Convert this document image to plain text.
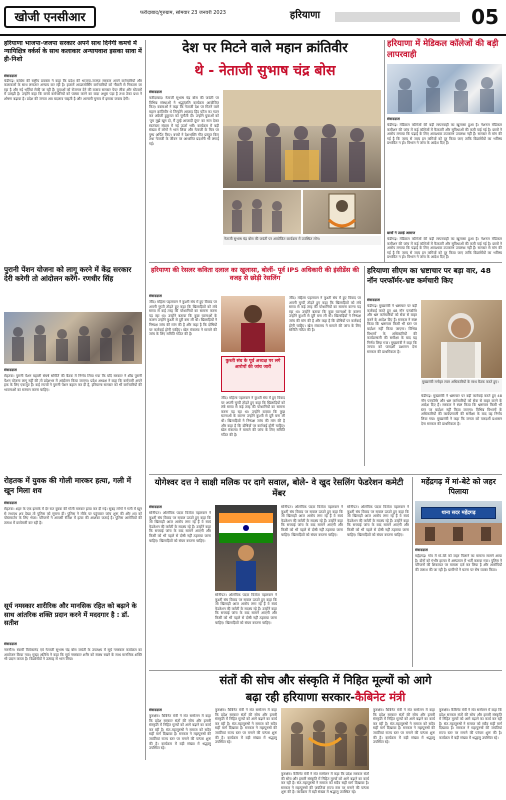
खोजी एनसीआर	फरीदाबाद/गुरुग्राम, सोमवार 23 जनवरी 2023	हरियाणा	05
हरियाणा भाजपा-जजपा सरकार अपने साथ दिनेंगी कमचे में न्यायिक्षित्र वर्कर्स के साथ कलाकार अन्यायवाश इसका सावा में ही-निशो
संवाददाता
चंडीगढ़। कांग्रेस की राष्ट्रीय प्रवक्ता ने कहा कि प्रदेश की भाजपा-जजपा सरकार अपने कर्मचारियों और कलाकारों के साथ लगातार अन्याय कर रही है। हजारों आउटसोर्सिंग कर्मचारियों को नौकरी से निकाला जा रहा है और नई भर्तियां रोकी जा रही हैं। युवाओं को रोजगार देने की बजाय सरकार पेपर लीक और घोटालों में उलझी है। उन्होंने कहा कि कच्चे कर्मचारियों को पक्का करने का वादा अधूरा पड़ा है तथा ठेका प्रथा ने शोषण बढ़ाया है। प्रदेश की जनता अब बदलाव चाहती है और आगामी चुनाव में इसका जवाब देगी।
पुरानी पेंशन योजना को लागू करने में केंद्र सरकार देरी करेगी तो आंदोलन करेंगे- रणधीर सिंह
संवाददाता
रोहतक। पुरानी पेंशन बहाली संघर्ष समिति की बैठक में निर्णय लिया गया कि यदि सरकार ने शीघ्र पुरानी पेंशन योजना लागू नहीं की तो प्रदेशभर में आंदोलन किया जाएगा। प्रदेश अध्यक्ष ने कहा कि कर्मचारी अपने हक के लिए एकजुट हैं। कई राज्यों ने पुरानी पेंशन बहाल कर दी है, हरियाणा सरकार को भी कर्मचारियों की भावनाओं का सम्मान करना चाहिए।
रोहतक में युवक की गोली मारकर हत्या, गली में खून मिला शव
संवाददाता
रोहतक। शहर के एक इलाके में देर रात युवक की गोली मारकर हत्या कर दी गई। सुबह लोगों ने गली में खून से लथपथ शव देखा तो पुलिस को सूचना दी। पुलिस ने मौके पर पहुंचकर जांच शुरू की और शव को पोस्टमार्टम के लिए भेजा। परिजनों ने आपसी रंजिश में हत्या की आशंका जताई है। पुलिस आरोपियों की तलाश में छापेमारी कर रही है।
सूर्य नमस्कार शारीरिक और मानसिक रहित को बढ़ाने के साथ आंतरिक शक्ति प्रदान करने में मददगार है : डॉ. सतीश
संवाददाता
नारनौल। स्वामी विवेकानंद एवं नेताजी सुभाष चंद्र बोस जयंती के उपलक्ष्य में सूर्य नमस्कार कार्यक्रम का आयोजन किया गया। मुख्य अतिथि ने कहा कि सूर्य नमस्कार शरीर को स्वस्थ रखने के साथ मानसिक शक्ति भी प्रदान करता है। विद्यार्थियों ने उत्साह से भाग लिया।
देश पर मिटने वाले महान क्रांतिवीर
थे - नेताजी सुभाष चंद्र बोस
संवाददाता
फरीदाबाद। नेताजी सुभाष चंद्र बोस की जयंती पर विभिन्न संस्थाओं ने श्रद्धांजलि कार्यक्रम आयोजित किए। वक्ताओं ने कहा कि नेताजी देश पर मिटने वाले महान क्रांतिवीर थे जिन्होंने आजाद हिंद फौज का गठन कर अंग्रेजी हुकूमत को चुनौती दी। उन्होंने युवाओं को 'तुम मुझे खून दो, मैं तुम्हें आजादी दूंगा' का नारा देकर स्वतंत्रता संग्राम में नई ऊर्जा भरी। कार्यक्रम में बड़ी संख्या में लोगों ने भाग लिया और नेताजी के चित्र पर पुष्प अर्पित किए। बच्चों ने देशभक्ति गीत प्रस्तुत किए तथा नेताजी के जीवन पर आधारित प्रदर्शनी भी लगाई गई।
नेताजी सुभाष चंद्र बोस की जयंती पर आयोजित कार्यक्रम में उपस्थित लोग।
हरियाणा में मेडिकल कॉलेजों की बड़ी लापरवाही
संवाददाता
चंडीगढ़। मेडिकल कॉलेजों की बड़ी लापरवाही का खुलासा हुआ है। नेशनल मेडिकल कमीशन की जांच में कई कॉलेजों में फैकल्टी और सुविधाओं की कमी पाई गई है। छात्रों ने आरोप लगाया कि पढ़ाई के लिए आवश्यक उपकरण उपलब्ध नहीं हैं। सरकार से मांग की गई है कि जल्द से जल्द इन कमियों को दूर किया जाए ताकि विद्यार्थियों का भविष्य प्रभावित न हो। विभाग ने जांच के आदेश दिए हैं।
छात्रों ने उठाई आवाज
चंडीगढ़। मेडिकल कॉलेजों की बड़ी लापरवाही का खुलासा हुआ है। नेशनल मेडिकल कमीशन की जांच में कई कॉलेजों में फैकल्टी और सुविधाओं की कमी पाई गई है। छात्रों ने आरोप लगाया कि पढ़ाई के लिए आवश्यक उपकरण उपलब्ध नहीं हैं। सरकार से मांग की गई है कि जल्द से जल्द इन कमियों को दूर किया जाए ताकि विद्यार्थियों का भविष्य प्रभावित न हो। विभाग ने जांच के आदेश दिए हैं।
हरियाणा की रेसलर कविता दलाल का खुलासा, बोलीं- पूर्व IPS अधिकारी की इंसीडेंस की वजह से छोड़ी रेसलिंग
संवाददाता
जींद। महिला पहलवान ने कुश्ती संघ में हुए विवाद पर अपनी चुप्पी तोड़ते हुए कहा कि खिलाड़ियों को लंबे समय से कई तरह की परेशानियों का सामना करना पड़ रहा था। उन्होंने बताया कि कुछ घटनाओं के कारण उन्होंने कुश्ती से दूरी बना ली थी। खिलाड़ियों ने निष्पक्ष जांच की मांग की है और कहा है कि दोषियों पर कार्रवाई होनी चाहिए। खेल मंत्रालय ने मामले की जांच के लिए समिति गठित की है।
कुश्ती संघ के पूर्व अध्यक्ष पर लगे आरोपों की जांच जारी
जींद। महिला पहलवान ने कुश्ती संघ में हुए विवाद पर अपनी चुप्पी तोड़ते हुए कहा कि खिलाड़ियों को लंबे समय से कई तरह की परेशानियों का सामना करना पड़ रहा था। उन्होंने बताया कि कुछ घटनाओं के कारण उन्होंने कुश्ती से दूरी बना ली थी। खिलाड़ियों ने निष्पक्ष जांच की मांग की है और कहा है कि दोषियों पर कार्रवाई होनी चाहिए। खेल मंत्रालय ने मामले की जांच के लिए समिति गठित की है।
जींद। महिला पहलवान ने कुश्ती संघ में हुए विवाद पर अपनी चुप्पी तोड़ते हुए कहा कि खिलाड़ियों को लंबे समय से कई तरह की परेशानियों का सामना करना पड़ रहा था। उन्होंने बताया कि कुछ घटनाओं के कारण उन्होंने कुश्ती से दूरी बना ली थी। खिलाड़ियों ने निष्पक्ष जांच की मांग की है और कहा है कि दोषियों पर कार्रवाई होनी चाहिए। खेल मंत्रालय ने मामले की जांच के लिए समिति गठित की है।
हरियाणा सीएम का भ्रष्टाचार पर बड़ा वार, 48 नॉन परफॉर्मर-भ्रष्ट कर्मचारी किए
संवाददाता
चंडीगढ़। मुख्यमंत्री ने भ्रष्टाचार पर बड़ी कार्रवाई करते हुए 48 नॉन परफॉर्मर और भ्रष्ट कर्मचारियों को सेवा से बाहर करने के आदेश दिए हैं। सरकार ने स्पष्ट किया कि भ्रष्टाचार किसी भी स्तर पर बर्दाश्त नहीं किया जाएगा। विभिन्न विभागों के अधिकारियों की कार्यप्रणाली की समीक्षा के बाद यह निर्णय लिया गया। मुख्यमंत्री ने कहा कि जनता को पारदर्शी प्रशासन देना सरकार की प्राथमिकता है।
मुख्यमंत्री मनोहर लाल अधिकारियों के साथ बैठक करते हुए।
चंडीगढ़। मुख्यमंत्री ने भ्रष्टाचार पर बड़ी कार्रवाई करते हुए 48 नॉन परफॉर्मर और भ्रष्ट कर्मचारियों को सेवा से बाहर करने के आदेश दिए हैं। सरकार ने स्पष्ट किया कि भ्रष्टाचार किसी भी स्तर पर बर्दाश्त नहीं किया जाएगा। विभिन्न विभागों के अधिकारियों की कार्यप्रणाली की समीक्षा के बाद यह निर्णय लिया गया। मुख्यमंत्री ने कहा कि जनता को पारदर्शी प्रशासन देना सरकार की प्राथमिकता है।
योगेश्वर दत्त ने साक्षी मलिक पर दागे सवाल, बोले- वे खुद रेसलिंग फेडरेशन कमेटी मेंबर
संवाददाता
सोनीपत। ओलंपिक पदक विजेता पहलवान ने कुश्ती संघ विवाद पर सवाल उठाते हुए कहा कि जो खिलाड़ी आज आरोप लगा रहे हैं वे स्वयं फेडरेशन की कमेटी के सदस्य रहे हैं। उन्होंने कहा कि सच्चाई जांच के बाद सामने आएगी और किसी को भी पहले से दोषी नहीं ठहराया जाना चाहिए। खिलाड़ियों को संयम बरतना चाहिए।
सोनीपत। ओलंपिक पदक विजेता पहलवान ने कुश्ती संघ विवाद पर सवाल उठाते हुए कहा कि जो खिलाड़ी आज आरोप लगा रहे हैं वे स्वयं फेडरेशन की कमेटी के सदस्य रहे हैं। उन्होंने कहा कि सच्चाई जांच के बाद सामने आएगी और किसी को भी पहले से दोषी नहीं ठहराया जाना चाहिए। खिलाड़ियों को संयम बरतना चाहिए।
सोनीपत। ओलंपिक पदक विजेता पहलवान ने कुश्ती संघ विवाद पर सवाल उठाते हुए कहा कि जो खिलाड़ी आज आरोप लगा रहे हैं वे स्वयं फेडरेशन की कमेटी के सदस्य रहे हैं। उन्होंने कहा कि सच्चाई जांच के बाद सामने आएगी और किसी को भी पहले से दोषी नहीं ठहराया जाना चाहिए। खिलाड़ियों को संयम बरतना चाहिए।
सोनीपत। ओलंपिक पदक विजेता पहलवान ने कुश्ती संघ विवाद पर सवाल उठाते हुए कहा कि जो खिलाड़ी आज आरोप लगा रहे हैं वे स्वयं फेडरेशन की कमेटी के सदस्य रहे हैं। उन्होंने कहा कि सच्चाई जांच के बाद सामने आएगी और किसी को भी पहले से दोषी नहीं ठहराया जाना चाहिए। खिलाड़ियों को संयम बरतना चाहिए।
महेंद्रगढ़ में मां-बेटे को जहर पिलाया
थाना सदर महेंद्रगढ़
संवाददाता
महेंद्रगढ़। गांव में मां-बेटे को जहर पिलाने का मामला सामने आया है। दोनों को गंभीर हालत में अस्पताल में भर्ती कराया गया। पुलिस ने परिजनों की शिकायत पर मामला दर्ज कर लिया है और आरोपियों की तलाश की जा रही है। ग्रामीणों ने घटना पर रोष व्यक्त किया।
संतों की सोच और संस्कृति में निहित मूल्यों को आगे
बढ़ा रही हरियाणा सरकार-कैबिनेट मंत्री
संवाददाता
कुरुक्षेत्र। कैबिनेट मंत्री ने संत सम्मेलन में कहा कि प्रदेश सरकार संतों की सोच और हमारी संस्कृति में निहित मूल्यों को आगे बढ़ाने का कार्य कर रही है। संत-महापुरुषों ने समाज को सदैव सही मार्ग दिखाया है। सरकार ने महापुरुषों की जयंतियां राज्य स्तर पर मनाने की परंपरा शुरू की है। कार्यक्रम में बड़ी संख्या में श्रद्धालु उपस्थित रहे।
कुरुक्षेत्र। कैबिनेट मंत्री ने संत सम्मेलन में कहा कि प्रदेश सरकार संतों की सोच और हमारी संस्कृति में निहित मूल्यों को आगे बढ़ाने का कार्य कर रही है। संत-महापुरुषों ने समाज को सदैव सही मार्ग दिखाया है। सरकार ने महापुरुषों की जयंतियां राज्य स्तर पर मनाने की परंपरा शुरू की है। कार्यक्रम में बड़ी संख्या में श्रद्धालु उपस्थित रहे।
कुरुक्षेत्र। कैबिनेट मंत्री ने संत सम्मेलन में कहा कि प्रदेश सरकार संतों की सोच और हमारी संस्कृति में निहित मूल्यों को आगे बढ़ाने का कार्य कर रही है। संत-महापुरुषों ने समाज को सदैव सही मार्ग दिखाया है। सरकार ने महापुरुषों की जयंतियां राज्य स्तर पर मनाने की परंपरा शुरू की है। कार्यक्रम में बड़ी संख्या में श्रद्धालु उपस्थित रहे।
कुरुक्षेत्र। कैबिनेट मंत्री ने संत सम्मेलन में कहा कि प्रदेश सरकार संतों की सोच और हमारी संस्कृति में निहित मूल्यों को आगे बढ़ाने का कार्य कर रही है। संत-महापुरुषों ने समाज को सदैव सही मार्ग दिखाया है। सरकार ने महापुरुषों की जयंतियां राज्य स्तर पर मनाने की परंपरा शुरू की है। कार्यक्रम में बड़ी संख्या में श्रद्धालु उपस्थित रहे।
कुरुक्षेत्र। कैबिनेट मंत्री ने संत सम्मेलन में कहा कि प्रदेश सरकार संतों की सोच और हमारी संस्कृति में निहित मूल्यों को आगे बढ़ाने का कार्य कर रही है। संत-महापुरुषों ने समाज को सदैव सही मार्ग दिखाया है। सरकार ने महापुरुषों की जयंतियां राज्य स्तर पर मनाने की परंपरा शुरू की है। कार्यक्रम में बड़ी संख्या में श्रद्धालु उपस्थित रहे।
